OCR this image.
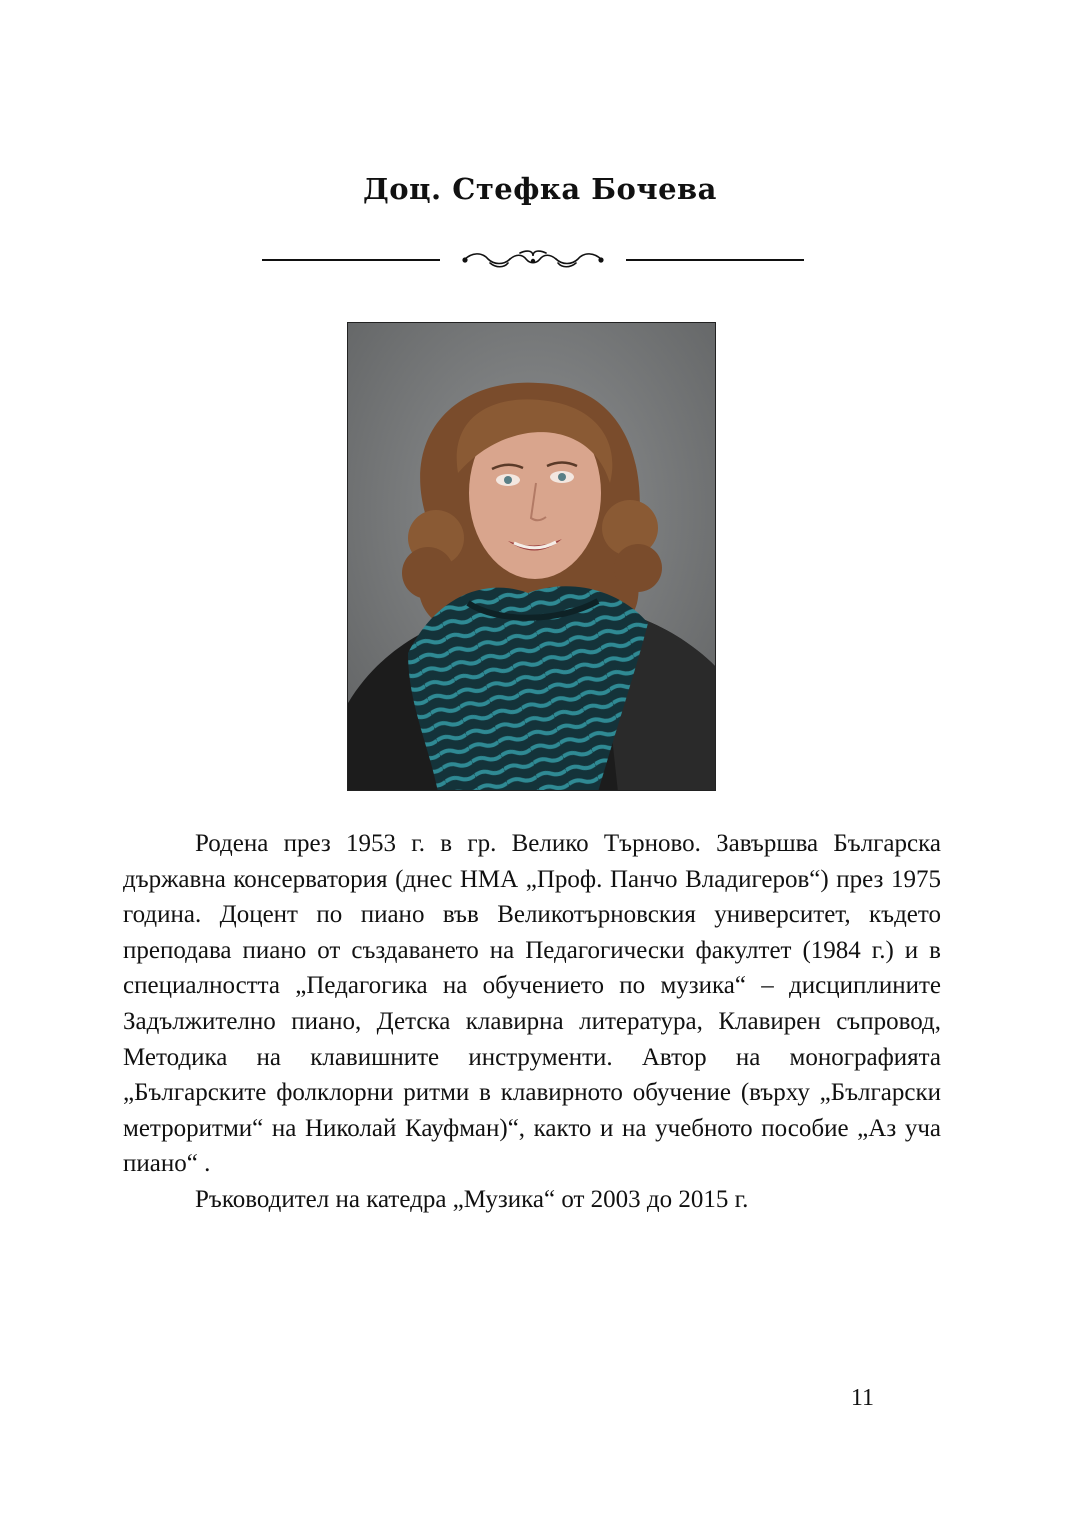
Доц. Стефка Бочева

Родена през 1953 г. в гр. Велико Търново. Завършва Българска държавна консерватория (днес НМА „Проф. Панчо Владигеров“) през 1975 година. Доцент по пиано във Великотърновския университет, където преподава пиано от създаването на Педагогически факултет (1984 г.) и в специалността „Педагогика на обучението по музика“ – дисциплините Задължително пиано, Детска клавирна литература, Клавирен съпровод, Методика на клавишните инструменти. Автор на монографията „Българските фолклорни ритми в клавирното обучение (върху „Български метроритми“ на Николай Кауфман)“, както и на учебното пособие „Аз уча пиано“ .

Ръководител на катедра „Музика“ от 2003 до 2015 г.

11
